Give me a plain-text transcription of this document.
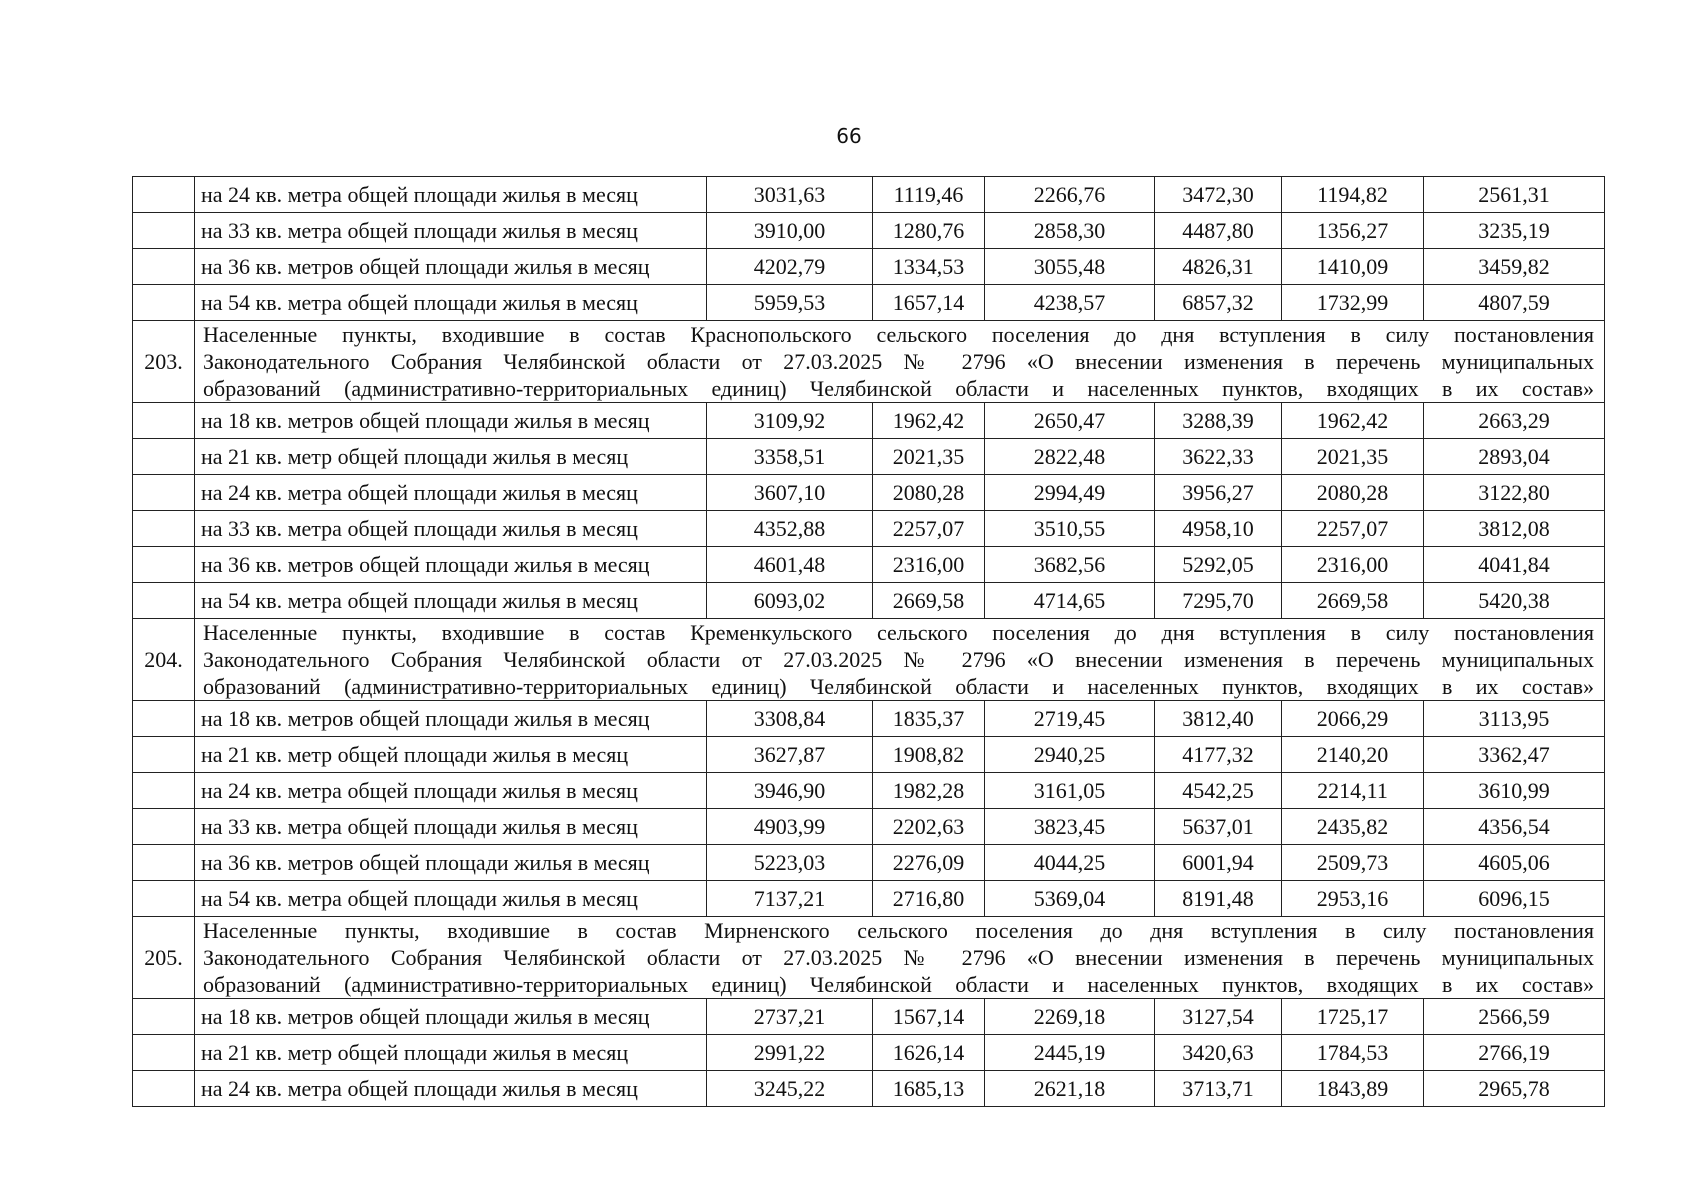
66
	на 24 кв. метра общей площади жилья в месяц	3031,63	1119,46	2266,76	3472,30	1194,82	2561,31
	на 33 кв. метра общей площади жилья в месяц	3910,00	1280,76	2858,30	4487,80	1356,27	3235,19
	на 36 кв. метров общей площади жилья в месяц	4202,79	1334,53	3055,48	4826,31	1410,09	3459,82
	на 54 кв. метра общей площади жилья в месяц	5959,53	1657,14	4238,57	6857,32	1732,99	4807,59
203.	Населенные пункты, входившие в состав Краснопольского сельского поселения до дня вступления в силу постановления
Законодательного Собрания Челябинской области от 27.03.2025 № 2796 «О внесении изменения в перечень муниципальных
образований (административно-территориальных единиц) Челябинской области и населенных пунктов, входящих в их состав»						

	на 18 кв. метров общей площади жилья в месяц	3109,92	1962,42	2650,47	3288,39	1962,42	2663,29
	на 21 кв. метр общей площади жилья в месяц	3358,51	2021,35	2822,48	3622,33	2021,35	2893,04
	на 24 кв. метра общей площади жилья в месяц	3607,10	2080,28	2994,49	3956,27	2080,28	3122,80
	на 33 кв. метра общей площади жилья в месяц	4352,88	2257,07	3510,55	4958,10	2257,07	3812,08
	на 36 кв. метров общей площади жилья в месяц	4601,48	2316,00	3682,56	5292,05	2316,00	4041,84
	на 54 кв. метра общей площади жилья в месяц	6093,02	2669,58	4714,65	7295,70	2669,58	5420,38
204.	Населенные пункты, входившие в состав Кременкульского сельского поселения до дня вступления в силу постановления
Законодательного Собрания Челябинской области от 27.03.2025 № 2796 «О внесении изменения в перечень муниципальных
образований (административно-территориальных единиц) Челябинской области и населенных пунктов, входящих в их состав»						

	на 18 кв. метров общей площади жилья в месяц	3308,84	1835,37	2719,45	3812,40	2066,29	3113,95
	на 21 кв. метр общей площади жилья в месяц	3627,87	1908,82	2940,25	4177,32	2140,20	3362,47
	на 24 кв. метра общей площади жилья в месяц	3946,90	1982,28	3161,05	4542,25	2214,11	3610,99
	на 33 кв. метра общей площади жилья в месяц	4903,99	2202,63	3823,45	5637,01	2435,82	4356,54
	на 36 кв. метров общей площади жилья в месяц	5223,03	2276,09	4044,25	6001,94	2509,73	4605,06
	на 54 кв. метра общей площади жилья в месяц	7137,21	2716,80	5369,04	8191,48	2953,16	6096,15
205.	Населенные пункты, входившие в состав Мирненского сельского поселения до дня вступления в силу постановления
Законодательного Собрания Челябинской области от 27.03.2025 № 2796 «О внесении изменения в перечень муниципальных
образований (административно-территориальных единиц) Челябинской области и населенных пунктов, входящих в их состав»						

	на 18 кв. метров общей площади жилья в месяц	2737,21	1567,14	2269,18	3127,54	1725,17	2566,59
	на 21 кв. метр общей площади жилья в месяц	2991,22	1626,14	2445,19	3420,63	1784,53	2766,19
	на 24 кв. метра общей площади жилья в месяц	3245,22	1685,13	2621,18	3713,71	1843,89	2965,78
